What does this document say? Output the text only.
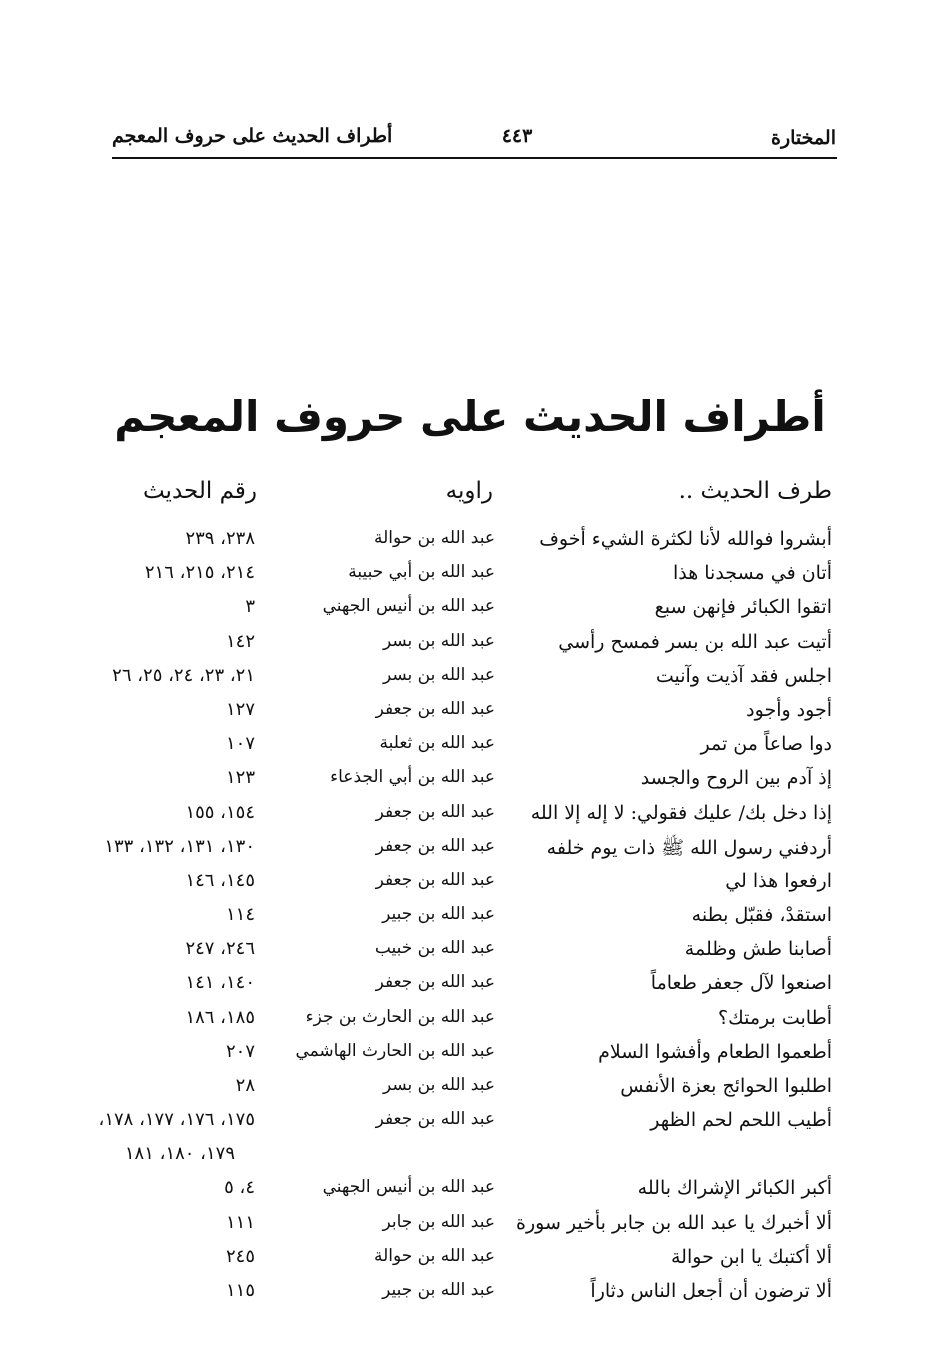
المختارة
٤٤٣
أطراف الحديث على حروف المعجم
أطراف الحديث على حروف المعجم
طرف الحديث ..
راويه
رقم الحديث
أبشروا فوالله لأنا لكثرة الشيء أخوف
عبد الله بن حوالة
٢٣٨، ٢٣٩
أتان في مسجدنا هذا
عبد الله بن أبي حبيبة
٢١٤، ٢١٥، ٢١٦
اتقوا الكبائر فإنهن سبع
عبد الله بن أنيس الجهني
٣
أتيت عبد الله بن بسر فمسح رأسي
عبد الله بن بسر
١٤٢
اجلس فقد آذيت وآنيت
عبد الله بن بسر
٢١، ٢٣، ٢٤، ٢٥، ٢٦
أجود وأجود
عبد الله بن جعفر
١٢٧
دوا صاعاً من تمر
عبد الله بن ثعلبة
١٠٧
إذ آدم بين الروح والجسد
عبد الله بن أبي الجذعاء
١٢٣
إذا دخل بك/ عليك فقولي: لا إله إلا الله
عبد الله بن جعفر
١٥٤، ١٥٥
أردفني رسول الله ﷺ ذات يوم خلفه
عبد الله بن جعفر
١٣٠، ١٣١، ١٣٢، ١٣٣
ارفعوا هذا لي
عبد الله بن جعفر
١٤٥، ١٤٦
استقدْ، فقبّل بطنه
عبد الله بن جبير
١١٤
أصابنا طش وظلمة
عبد الله بن خبيب
٢٤٦، ٢٤٧
اصنعوا لآل جعفر طعاماً
عبد الله بن جعفر
١٤٠، ١٤١
أطابت برمتك؟
عبد الله بن الحارث بن جزء
١٨٥، ١٨٦
أطعموا الطعام وأفشوا السلام
عبد الله بن الحارث الهاشمي
٢٠٧
اطلبوا الحوائج بعزة الأنفس
عبد الله بن بسر
٢٨
أطيب اللحم لحم الظهر
عبد الله بن جعفر
١٧٥، ١٧٦، ١٧٧، ١٧٨،
١٧٩، ١٨٠، ١٨١
أكبر الكبائر الإشراك بالله
عبد الله بن أنيس الجهني
٤، ٥
ألا أخبرك يا عبد الله بن جابر بأخير سورة
عبد الله بن جابر
١١١
ألا أكتبك يا ابن حوالة
عبد الله بن حوالة
٢٤٥
ألا ترضون أن أجعل الناس دثاراً
عبد الله بن جبير
١١٥
